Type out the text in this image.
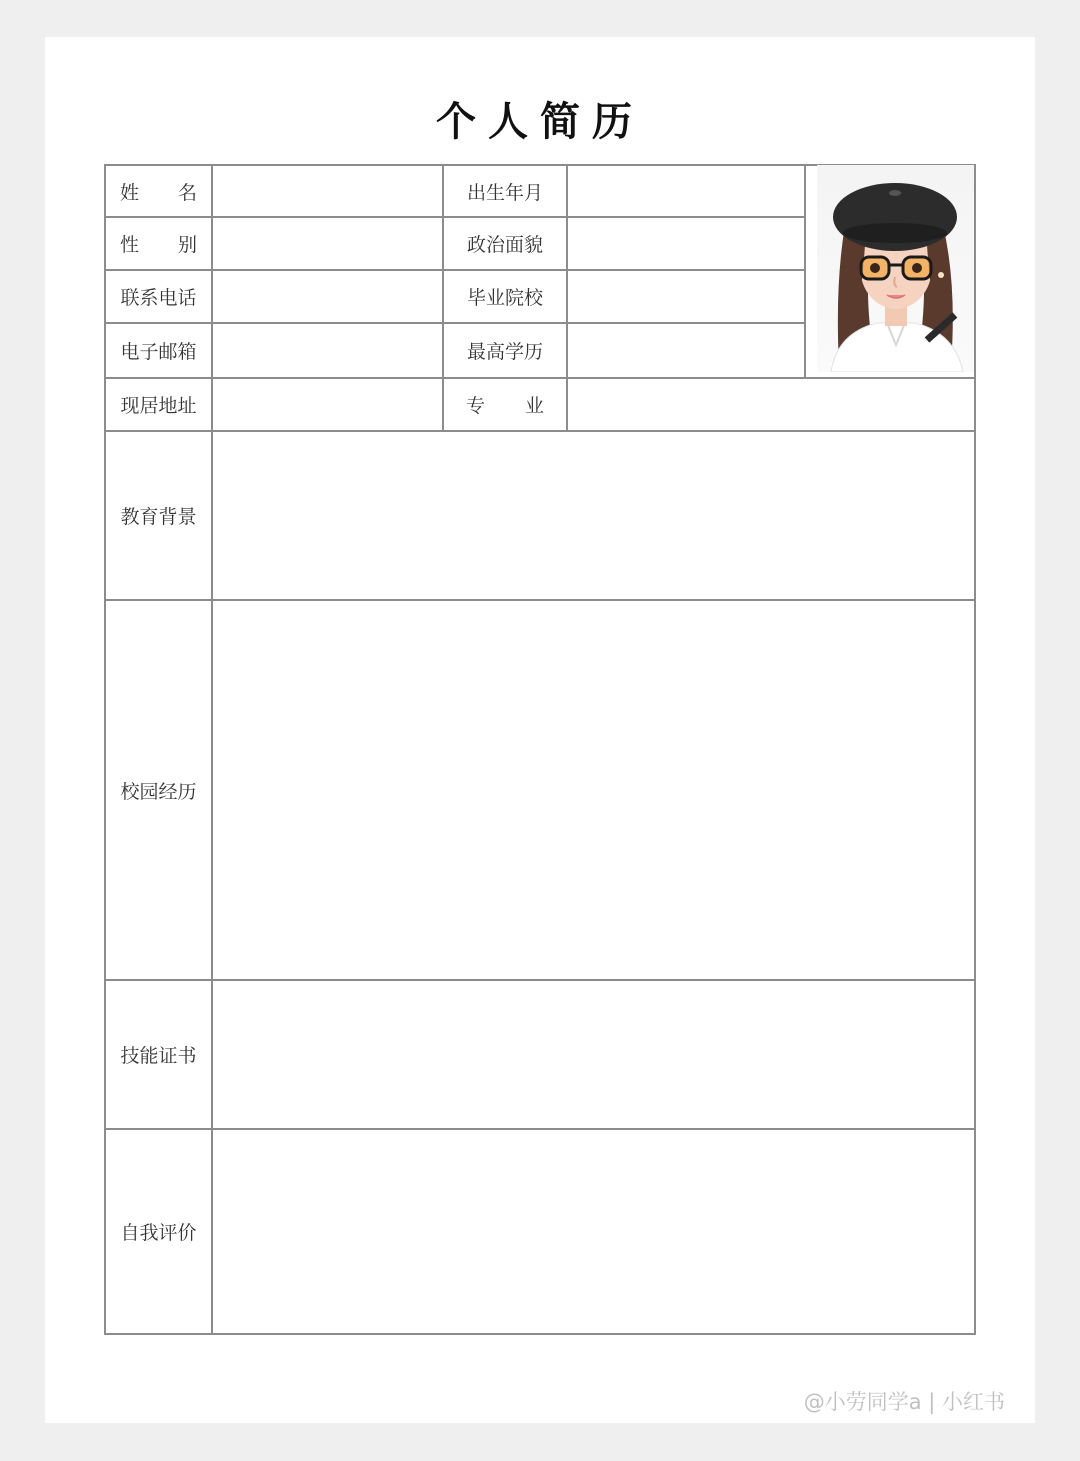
个人简历
姓 名	出生年月
性 别	政治面貌
联系电话	毕业院校
电子邮箱	最高学历
现居地址	专 业
教育背景
校园经历
技能证书
自我评价
@小劳同学a | 小红书
